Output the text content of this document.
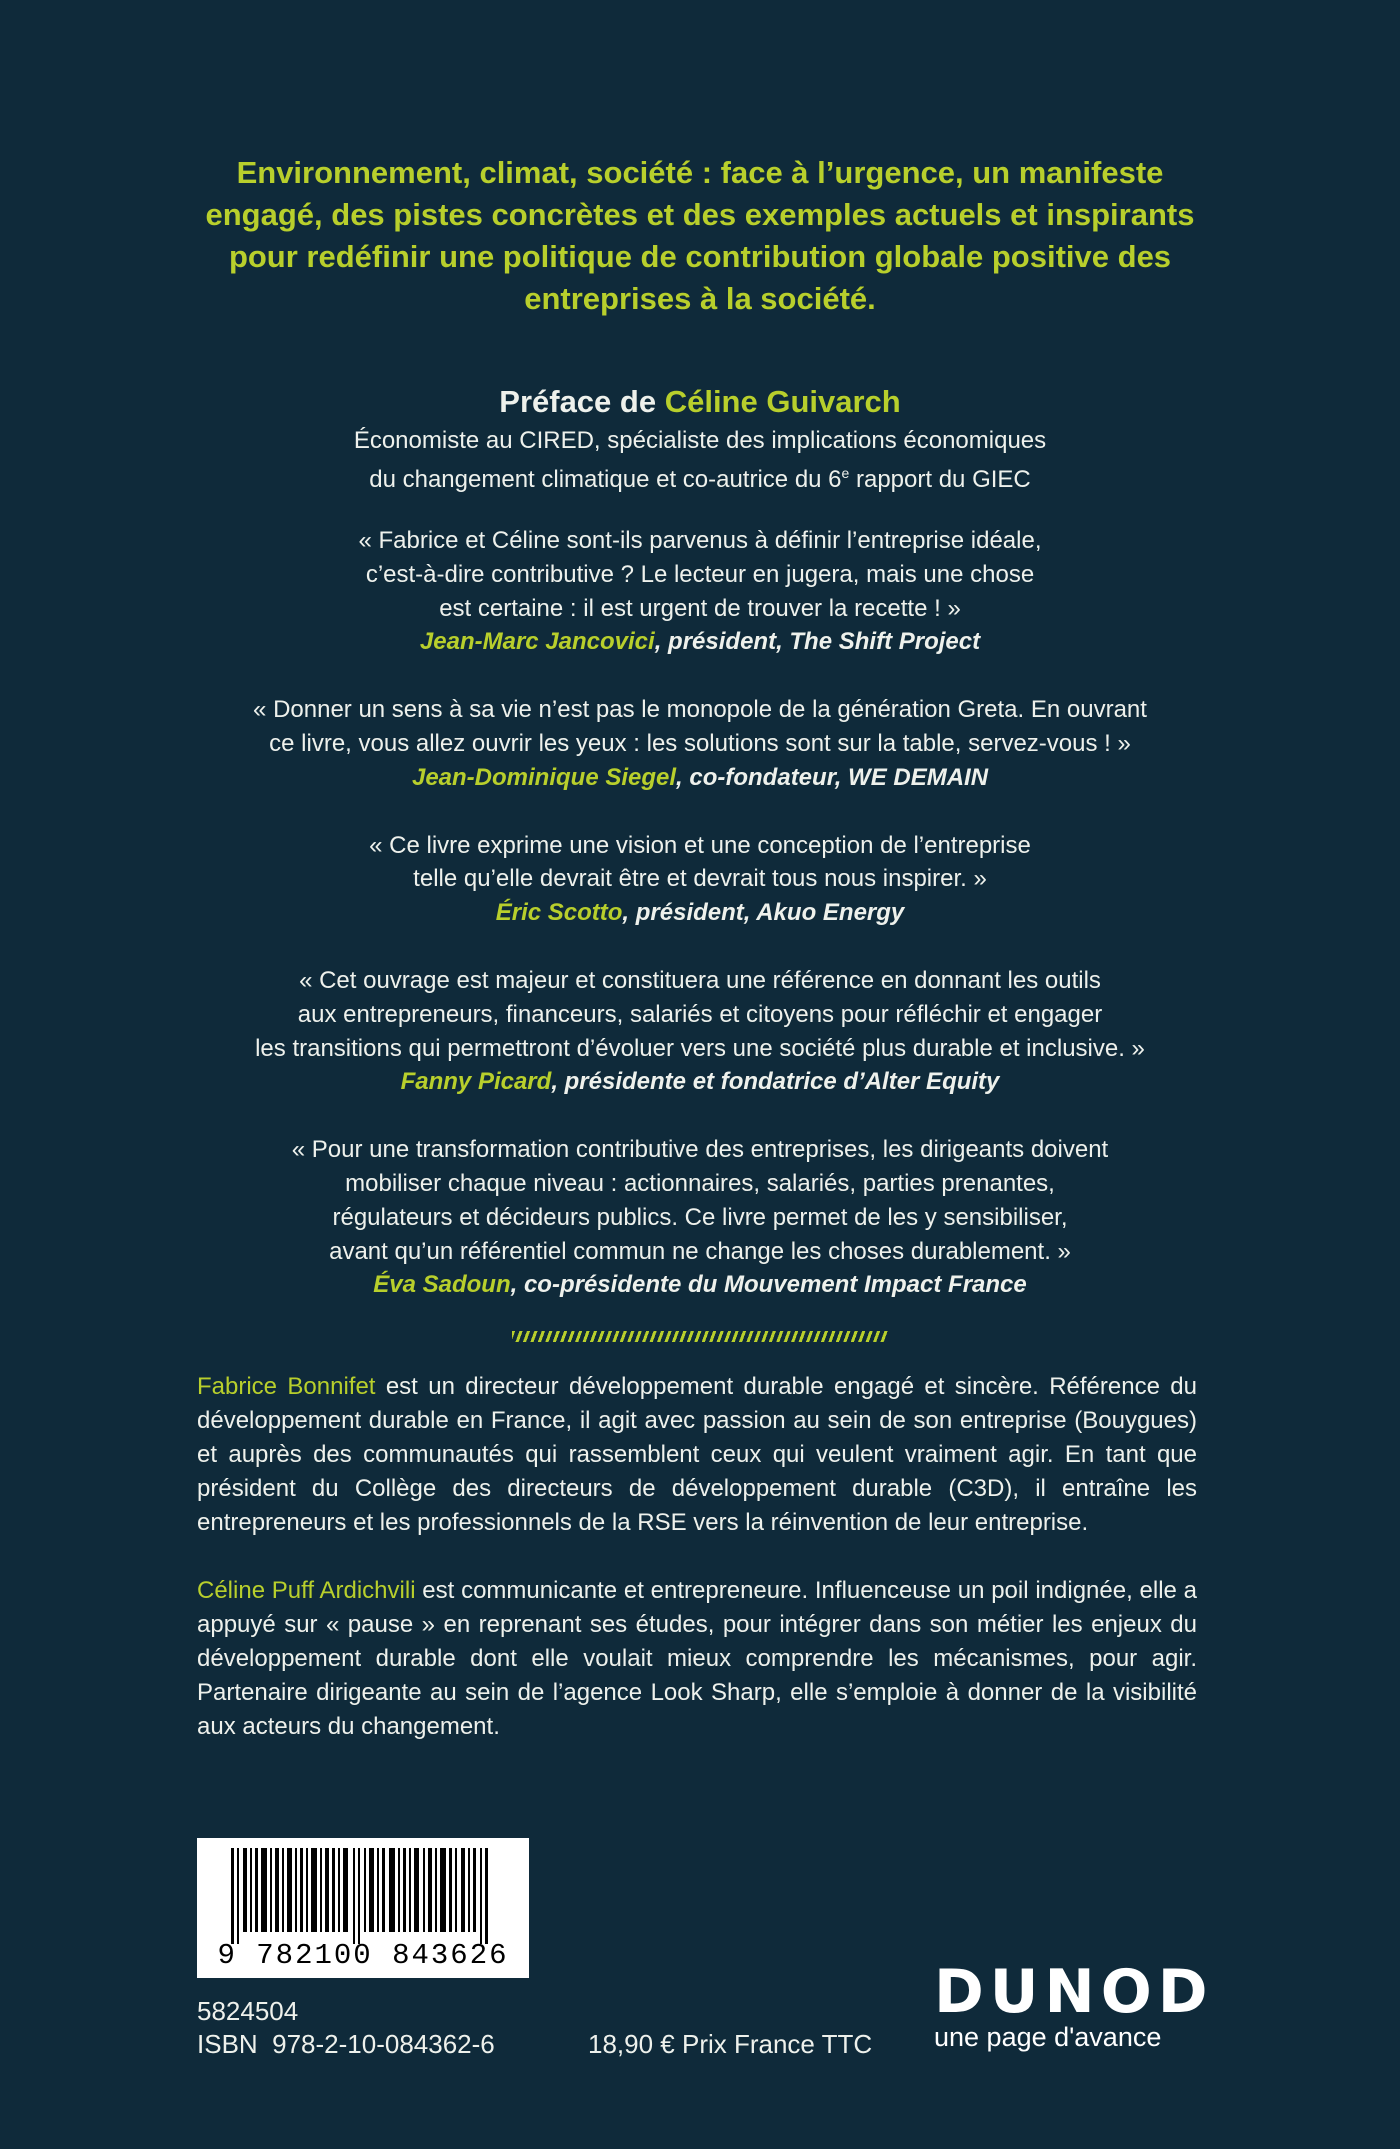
Environnement, climat, société : face à l’urgence, un manifeste
engagé, des pistes concrètes et des exemples actuels et inspirants
pour redéfinir une politique de contribution globale positive des
entreprises à la société.
Préface de Céline Guivarch
Économiste au CIRED, spécialiste des implications économiques
du changement climatique et co-autrice du 6e rapport du GIEC
« Fabrice et Céline sont-ils parvenus à définir l’entreprise idéale,
c’est-à-dire contributive ? Le lecteur en jugera, mais une chose
est certaine : il est urgent de trouver la recette ! »
Jean-Marc Jancovici, président, The Shift Project
« Donner un sens à sa vie n’est pas le monopole de la génération Greta. En ouvrant
ce livre, vous allez ouvrir les yeux : les solutions sont sur la table, servez-vous ! »
Jean-Dominique Siegel, co-fondateur, WE DEMAIN
« Ce livre exprime une vision et une conception de l’entreprise
telle qu’elle devrait être et devrait tous nous inspirer. »
Éric Scotto, président, Akuo Energy
« Cet ouvrage est majeur et constituera une référence en donnant les outils
aux entrepreneurs, financeurs, salariés et citoyens pour réfléchir et engager
les transitions qui permettront d’évoluer vers une société plus durable et inclusive. »
Fanny Picard, présidente et fondatrice d’Alter Equity
« Pour une transformation contributive des entreprises, les dirigeants doivent
mobiliser chaque niveau : actionnaires, salariés, parties prenantes,
régulateurs et décideurs publics. Ce livre permet de les y sensibiliser,
avant qu’un référentiel commun ne change les choses durablement. »
Éva Sadoun, co-présidente du Mouvement Impact France

Fabrice Bonnifet est un directeur développement durable engagé et sincère. Référence du développement durable en France, il agit avec passion au sein de son entreprise (Bouygues) et auprès des communautés qui rassemblent ceux qui veulent vraiment agir. En tant que président du Collège des directeurs de développement durable (C3D), il entraîne les entrepreneurs et les professionnels de la RSE vers la réinvention de leur entreprise.

Céline Puff Ardichvili est communicante et entrepreneure. Influenceuse un poil indignée, elle a appuyé sur « pause » en reprenant ses études, pour intégrer dans son métier les enjeux du développement durable dont elle voulait mieux comprendre les mécanismes, pour agir. Partenaire dirigeante au sein de l’agence Look Sharp, elle s’emploie à donner de la visibilité aux acteurs du changement.

9 782100 843626
5824504
ISBN  978-2-10-084362-6	18,90 € Prix France TTC
DUNOD
une page d'avance
